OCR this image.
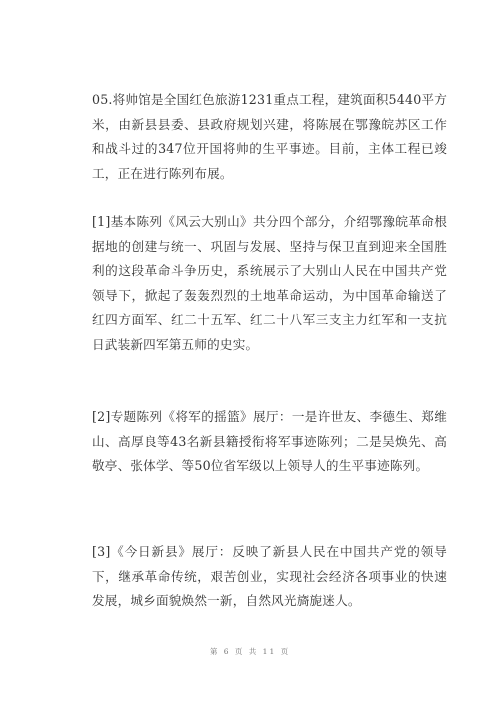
05.将帅馆是全国红色旅游1231重点工程，建筑面积5440平方米，由新县县委、县政府规划兴建，将陈展在鄂豫皖苏区工作和战斗过的347位开国将帅的生平事迹。目前，主体工程已竣工，正在进行陈列布展。

[1]基本陈列《风云大别山》共分四个部分，介绍鄂豫皖革命根据地的创建与统一、巩固与发展、坚持与保卫直到迎来全国胜利的这段革命斗争历史，系统展示了大别山人民在中国共产党领导下，掀起了轰轰烈烈的土地革命运动，为中国革命输送了红四方面军、红二十五军、红二十八军三支主力红军和一支抗日武装新四军第五师的史实。

[2]专题陈列《将军的摇篮》展厅：一是许世友、李德生、郑维山、高厚良等43名新县籍授衔将军事迹陈列；二是吴焕先、高敬亭、张体学、等50位省军级以上领导人的生平事迹陈列。

[3]《今日新县》展厅：反映了新县人民在中国共产党的领导下，继承革命传统，艰苦创业，实现社会经济各项事业的快速发展，城乡面貌焕然一新，自然风光旖旎迷人。

第 6 页 共 11 页
